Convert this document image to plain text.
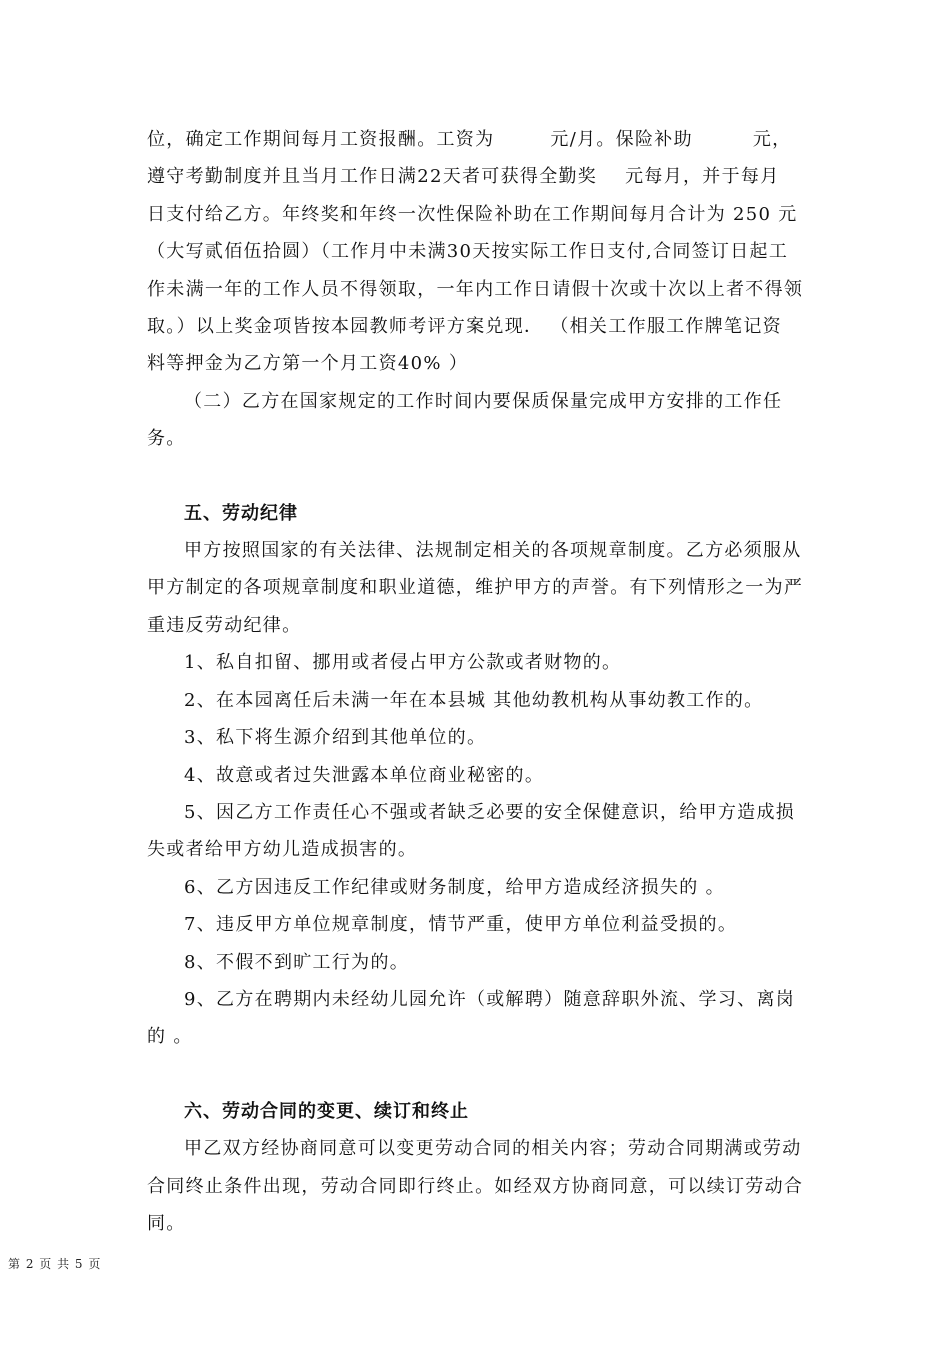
位，确定工作期间每月工资报酬。工资为	元/月。保险补助	元，
遵守考勤制度并且当月工作日满22天者可获得全勤奖 元每月，并于每月
日支付给乙方。年终奖和年终一次性保险补助在工作期间每月合计为 250 元
（大写贰佰伍拾圆）（工作月中未满30天按实际工作日支付,合同签订日起工
作未满一年的工作人员不得领取，一年内工作日请假十次或十次以上者不得领
取。）以上奖金项皆按本园教师考评方案兑现． （相关工作服工作牌笔记资
料等押金为乙方第一个月工资40% ）
（二）乙方在国家规定的工作时间内要保质保量完成甲方安排的工作任
务。
五、劳动纪律
甲方按照国家的有关法律、法规制定相关的各项规章制度。乙方必须服从
甲方制定的各项规章制度和职业道德，维护甲方的声誉。有下列情形之一为严
重违反劳动纪律。
1、私自扣留、挪用或者侵占甲方公款或者财物的。
2、在本园离任后未满一年在本县城 其他幼教机构从事幼教工作的。
3、私下将生源介绍到其他单位的。
4、故意或者过失泄露本单位商业秘密的。
5、因乙方工作责任心不强或者缺乏必要的安全保健意识，给甲方造成损
失或者给甲方幼儿造成损害的。
6、乙方因违反工作纪律或财务制度，给甲方造成经济损失的 。
7、违反甲方单位规章制度，情节严重，使甲方单位利益受损的。
8、不假不到旷工行为的。
9、乙方在聘期内未经幼儿园允许（或解聘）随意辞职外流、学习、离岗
的 。
六、劳动合同的变更、续订和终止
甲乙双方经协商同意可以变更劳动合同的相关内容；劳动合同期满或劳动
合同终止条件出现，劳动合同即行终止。如经双方协商同意，可以续订劳动合
同。
第 2 页 共 5 页
